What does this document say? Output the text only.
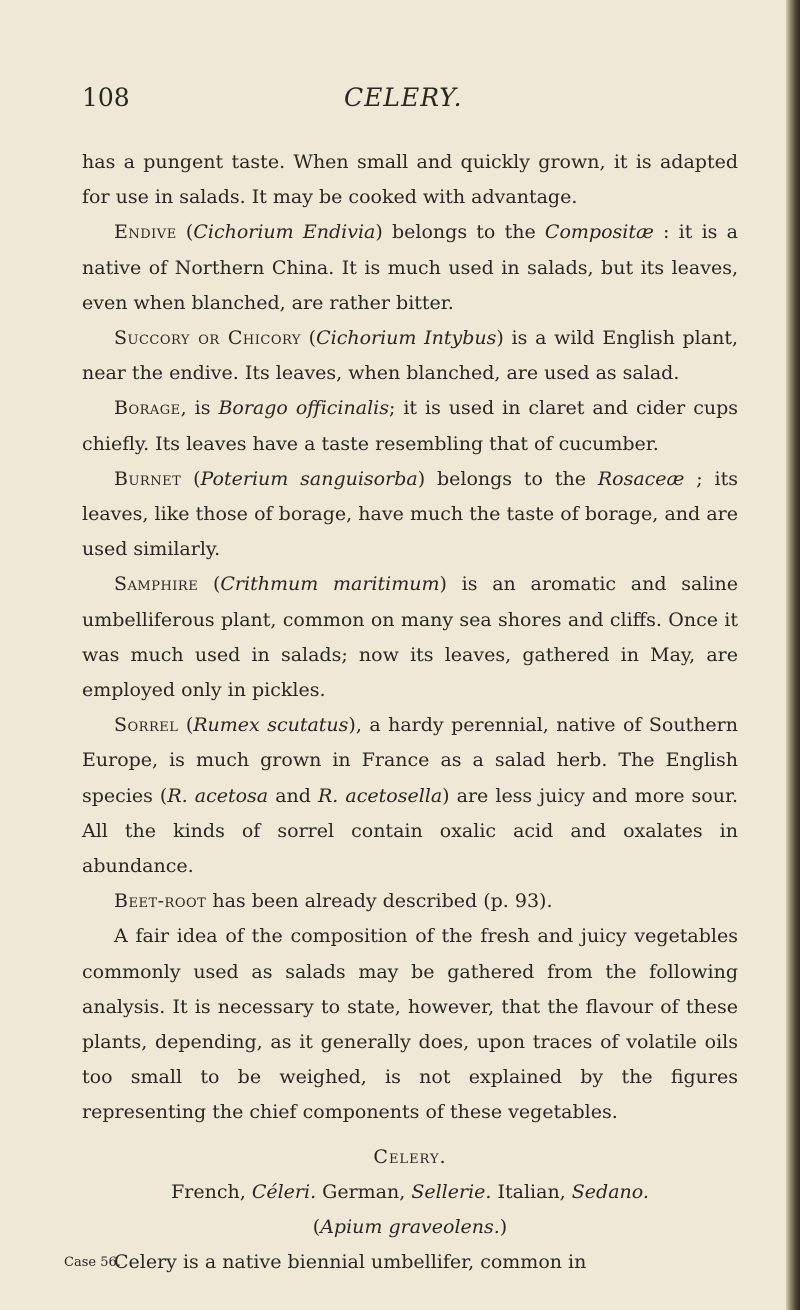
108	CELERY.

has a pungent taste. When small and quickly grown, it is adapted for use in salads. It may be cooked with advantage.

Endive (Cichorium Endivia) belongs to the Compositæ : it is a native of Northern China. It is much used in salads, but its leaves, even when blanched, are rather bitter.

Succory or Chicory (Cichorium Intybus) is a wild English plant, near the endive. Its leaves, when blanched, are used as salad.

Borage, is Borago officinalis; it is used in claret and cider cups chiefly. Its leaves have a taste resembling that of cucumber.

Burnet (Poterium sanguisorba) belongs to the Rosaceæ ; its leaves, like those of borage, have much the taste of borage, and are used similarly.

Samphire (Crithmum maritimum) is an aromatic and saline umbelliferous plant, common on many sea shores and cliffs. Once it was much used in salads; now its leaves, gathered in May, are employed only in pickles.

Sorrel (Rumex scutatus), a hardy perennial, native of Southern Europe, is much grown in France as a salad herb. The English species (R. acetosa and R. acetosella) are less juicy and more sour. All the kinds of sorrel contain oxalic acid and oxalates in abundance.

Beet-root has been already described (p. 93).

A fair idea of the composition of the fresh and juicy vegetables commonly used as salads may be gathered from the following analysis. It is necessary to state, however, that the flavour of these plants, depending, as it generally does, upon traces of volatile oils too small to be weighed, is not explained by the figures representing the chief components of these vegetables.

Celery.

French, Céleri. German, Sellerie. Italian, Sedano.

(Apium graveolens.)

Case 56.
Celery is a native biennial umbellifer, common in
